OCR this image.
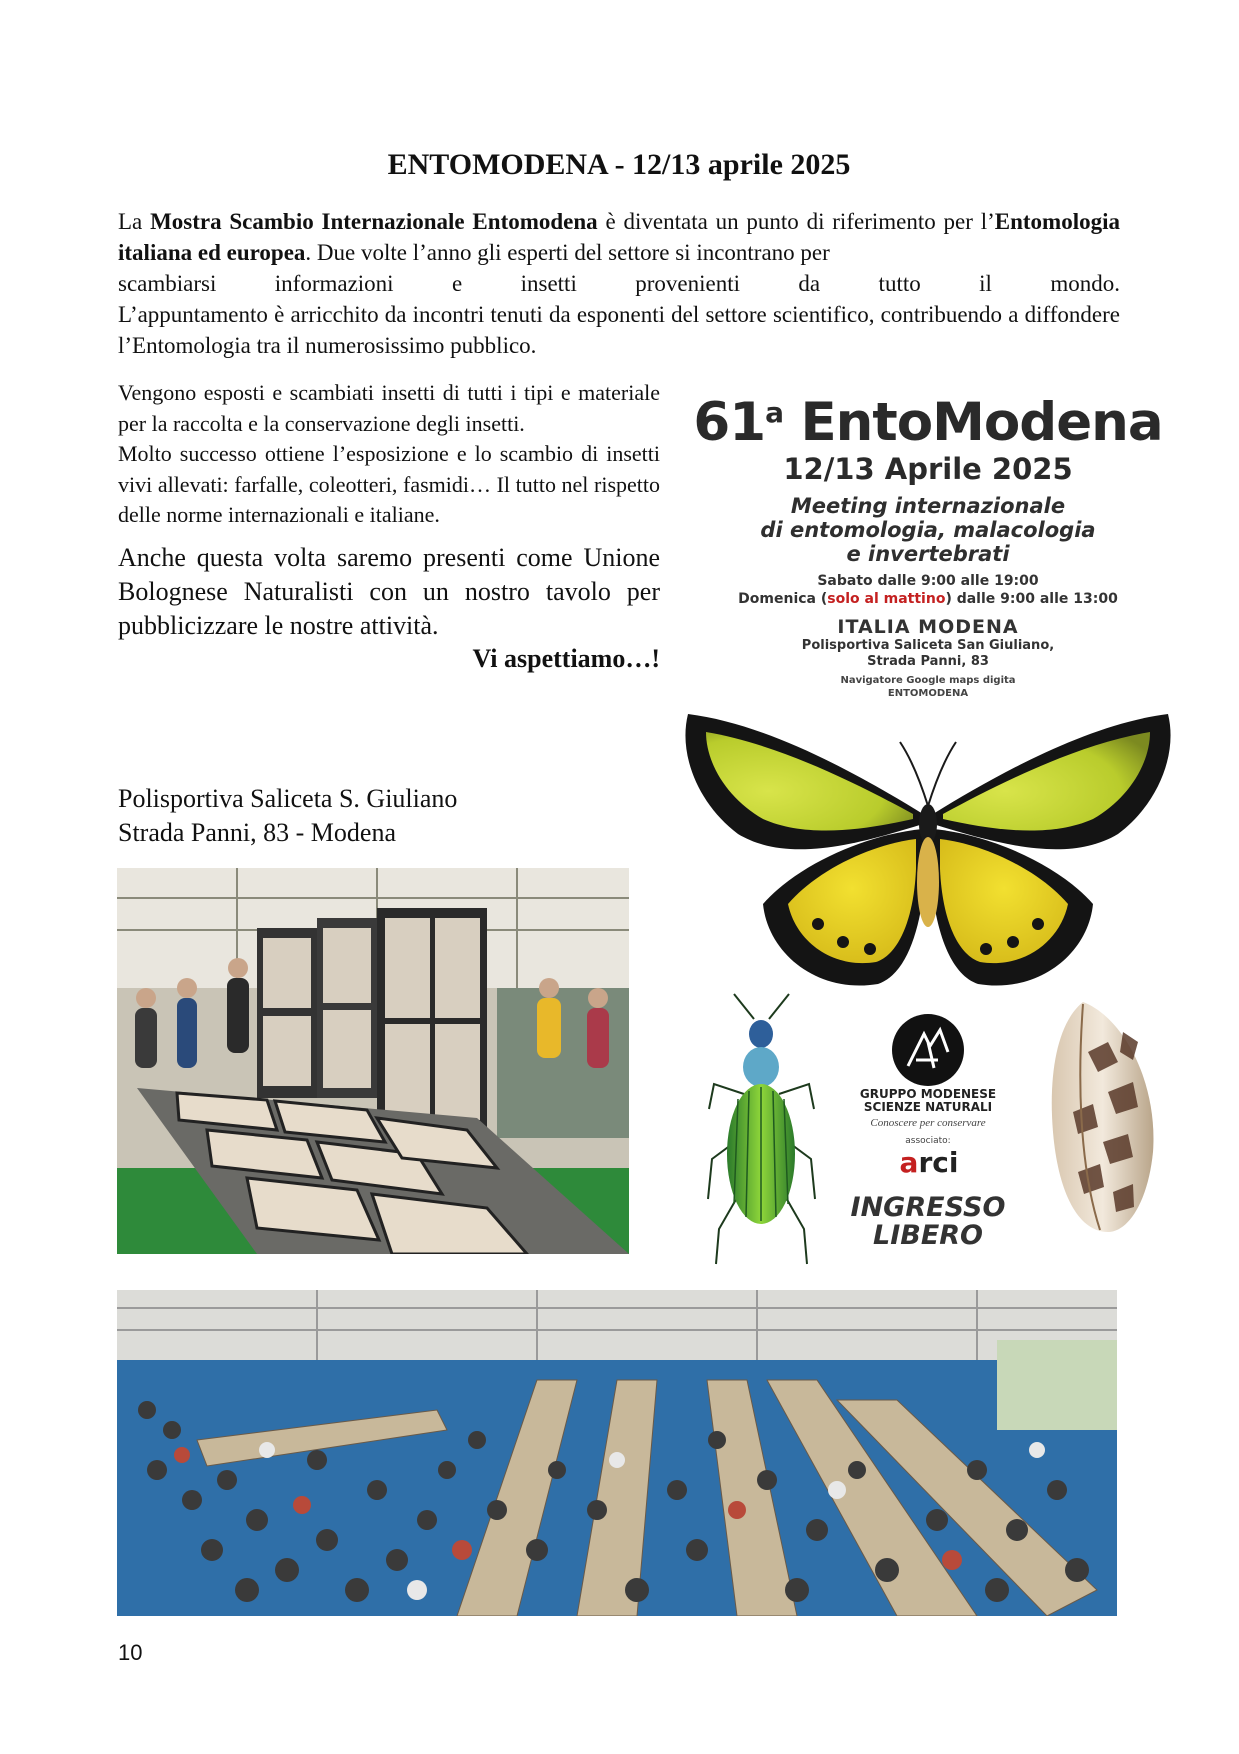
ENTOMODENA - 12/13 aprile 2025
La Mostra Scambio Internazionale Entomodena è diventata un punto di riferimento per l’Entomologia italiana ed europea. Due volte l’anno gli esperti del settore si incontrano per
scambiarsi informazioni e insetti provenienti da tutto il mondo.
L’appuntamento è arricchito da incontri tenuti da esponenti del settore scientifico, contribuendo a diffondere l’Entomologia tra il numerosissimo pubblico.

Vengono esposti e scambiati insetti di tutti i tipi e materiale per la raccolta e la conservazione degli insetti.

Molto successo ottiene l’esposizione e lo scambio di insetti vivi allevati: farfalle, coleotteri, fasmidi… Il tutto nel rispetto delle norme internazionali e italiane.

Anche questa volta saremo presenti come Unione Bolognese Naturalisti con un nostro tavolo per pubblicizzare le nostre attività.

Vi aspettiamo…!

Polisportiva Saliceta S. Giuliano
Strada Panni, 83 - Modena
61$^a$ EntoModena
12/13 Aprile 2025
Meeting internazionale
di entomologia, malacologia
e invertebrati
Sabato dalle 9:00 alle 19:00
Domenica (solo al mattino) dalle 9:00 alle 13:00
ITALIA MODENA
Polisportiva Saliceta San Giuliano,
Strada Panni, 83
Navigatore Google maps digita
ENTOMODENA
GRUPPO MODENESE
SCIENZE NATURALI
Conoscere per conservare
associato:
arci
INGRESSO
LIBERO
10
